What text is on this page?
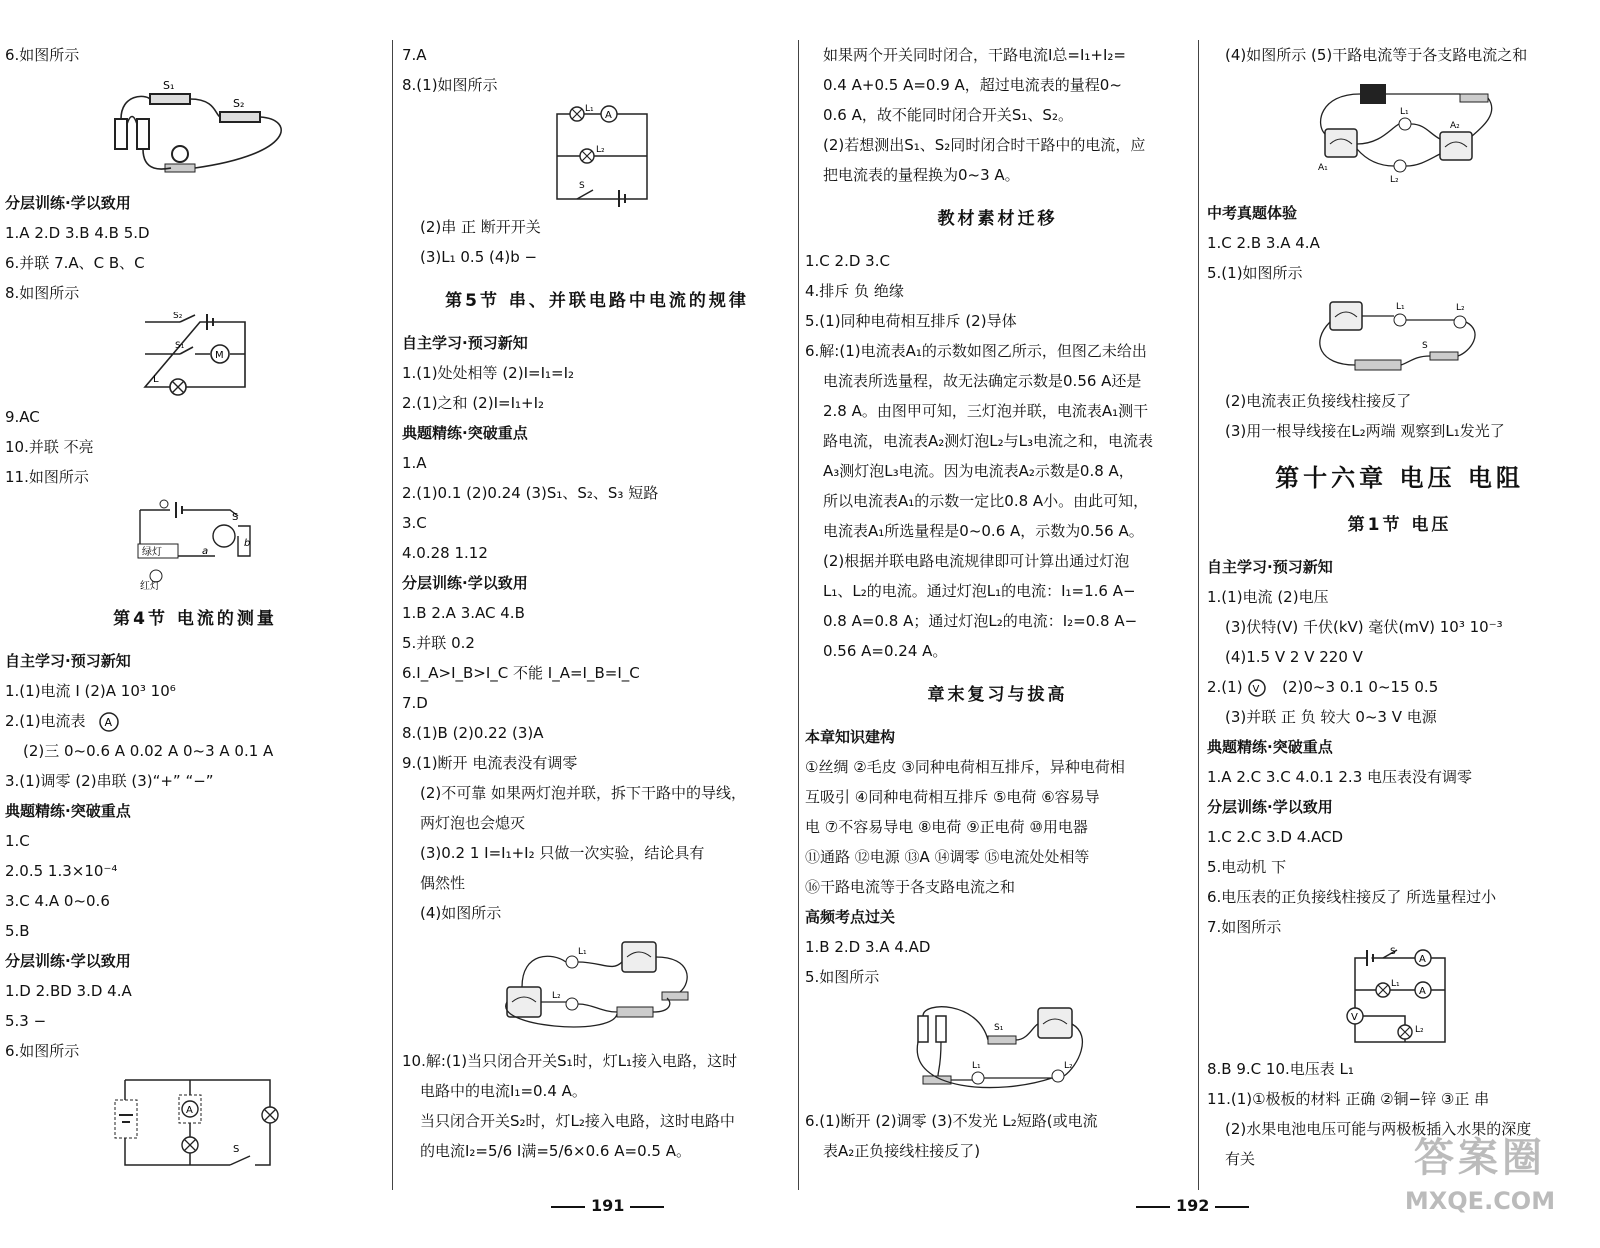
6.如图所示
S₁
S₂
分层训练·学以致用
1.A 2.D 3.B 4.B 5.D
6.并联 7.A、C B、C
8.如图所示
M
S₂
S₁
L
9.AC
10.并联 不亮
11.如图所示
绿灯
红灯
S
a
b
第4节 电流的测量
自主学习·预习新知
1.(1)电流 I (2)A 10³ 10⁶
2.(1)电流表 A
(2)三 0~0.6 A 0.02 A 0~3 A 0.1 A
3.(1)调零 (2)串联 (3)“+” “−”
典题精练·突破重点
1.C
2.0.5 1.3×10⁻⁴
3.C 4.A 0~0.6
5.B
分层训练·学以致用
1.D 2.BD 3.D 4.A
5.3 −
6.如图所示
A
S
7.A
8.(1)如图所示
A
L₁
L₂
S
(2)串 正 断开开关
(3)L₁ 0.5 (4)b −
第5节 串、并联电路中电流的规律
自主学习·预习新知
1.(1)处处相等 (2)I=I₁=I₂
2.(1)之和 (2)I=I₁+I₂
典题精练·突破重点
1.A
2.(1)0.1 (2)0.24 (3)S₁、S₂、S₃ 短路
3.C
4.0.28 1.12
分层训练·学以致用
1.B 2.A 3.AC 4.B
5.并联 0.2
6.I_A>I_B>I_C 不能 I_A=I_B=I_C
7.D
8.(1)B (2)0.22 (3)A
9.(1)断开 电流表没有调零
(2)不可靠 如果两灯泡并联，拆下干路中的导线，
两灯泡也会熄灭
(3)0.2 1 I=I₁+I₂ 只做一次实验，结论具有
偶然性
(4)如图所示
L₁
L₂
10.解:(1)当只闭合开关S₁时，灯L₁接入电路，这时
电路中的电流I₁=0.4 A。
当只闭合开关S₂时，灯L₂接入电路，这时电路中
的电流I₂=5/6 I满=5/6×0.6 A=0.5 A。
191
如果两个开关同时闭合，干路电流I总=I₁+I₂=
0.4 A+0.5 A=0.9 A，超过电流表的量程0~
0.6 A，故不能同时闭合开关S₁、S₂。
(2)若想测出S₁、S₂同时闭合时干路中的电流，应
把电流表的量程换为0~3 A。
教材素材迁移
1.C 2.D 3.C
4.排斥 负 绝缘
5.(1)同种电荷相互排斥 (2)导体
6.解:(1)电流表A₁的示数如图乙所示，但图乙未给出
电流表所选量程，故无法确定示数是0.56 A还是
2.8 A。由图甲可知，三灯泡并联，电流表A₁测干
路电流，电流表A₂测灯泡L₂与L₃电流之和，电流表
A₃测灯泡L₃电流。因为电流表A₂示数是0.8 A，
所以电流表A₁的示数一定比0.8 A小。由此可知，
电流表A₁所选量程是0~0.6 A，示数为0.56 A。
(2)根据并联电路电流规律即可计算出通过灯泡
L₁、L₂的电流。通过灯泡L₁的电流：I₁=1.6 A−
0.8 A=0.8 A；通过灯泡L₂的电流：I₂=0.8 A−
0.56 A=0.24 A。
章末复习与拔高
本章知识建构
①丝绸 ②毛皮 ③同种电荷相互排斥，异种电荷相
互吸引 ④同种电荷相互排斥 ⑤电荷 ⑥容易导
电 ⑦不容易导电 ⑧电荷 ⑨正电荷 ⑩用电器
⑪通路 ⑫电源 ⑬A ⑭调零 ⑮电流处处相等
⑯干路电流等于各支路电流之和
高频考点过关
1.B 2.D 3.A 4.AD
5.如图所示
S₁
L₁	L₂
6.(1)断开 (2)调零 (3)不发光 L₂短路(或电流
表A₂正负接线柱接反了)
(4)如图所示 (5)干路电流等于各支路电流之和
L₁
L₂
A₁
A₂
中考真题体验
1.C 2.B 3.A 4.A
5.(1)如图所示
L₁	L₂
S
(2)电流表正负接线柱接反了
(3)用一根导线接在L₂两端 观察到L₁发光了
第十六章 电压 电阻
第1节 电压
自主学习·预习新知
1.(1)电流 (2)电压
(3)伏特(V) 千伏(kV) 毫伏(mV) 10³ 10⁻³
(4)1.5 V 2 V 220 V
2.(1) V (2)0~3 0.1 0~15 0.5
(3)并联 正 负 较大 0~3 V 电源
典题精练·突破重点
1.A 2.C 3.C 4.0.1 2.3 电压表没有调零
分层训练·学以致用
1.C 2.C 3.D 4.ACD
5.电动机 下
6.电压表的正负接线柱接反了 所选量程过小
7.如图所示
A
A
V
S
L₁
L₂
8.B 9.C 10.电压表 L₁
11.(1)①极板的材料 正确 ②铜−锌 ③正 串
(2)水果电池电压可能与两极板插入水果的深度
有关
192
答案圈
MXQE.COM
